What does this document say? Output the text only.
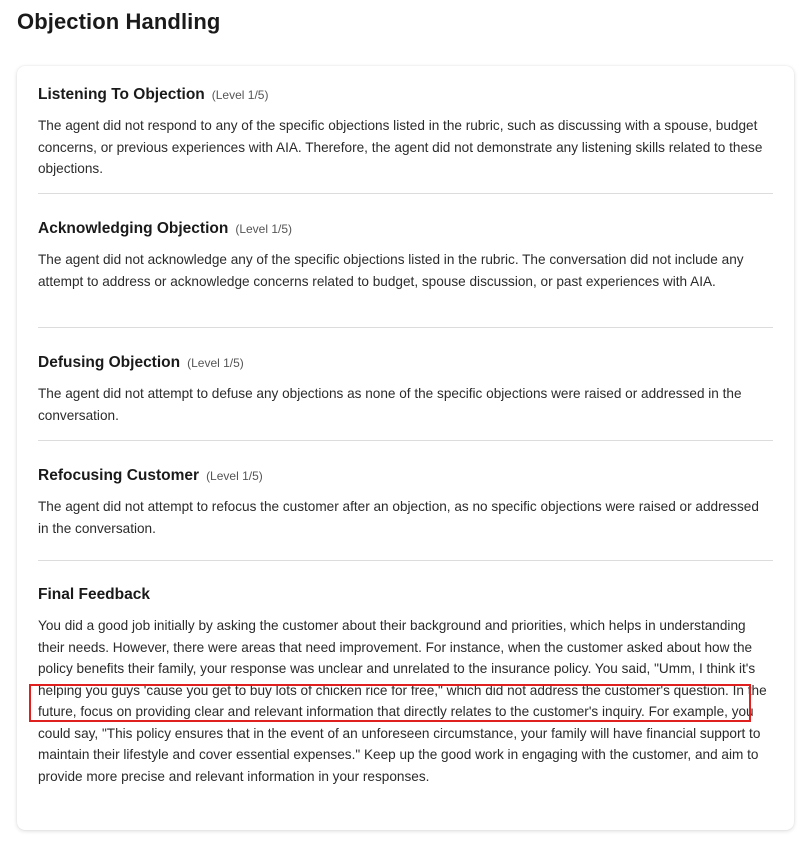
Objection Handling
Listening To Objection (Level 1/5)
The agent did not respond to any of the specific objections listed in the rubric, such as discussing with a spouse, budget concerns, or previous experiences with AIA. Therefore, the agent did not demonstrate any listening skills related to these objections.
Acknowledging Objection (Level 1/5)
The agent did not acknowledge any of the specific objections listed in the rubric. The conversation did not include any attempt to address or acknowledge concerns related to budget, spouse discussion, or past experiences with AIA.
Defusing Objection (Level 1/5)
The agent did not attempt to defuse any objections as none of the specific objections were raised or addressed in the conversation.
Refocusing Customer (Level 1/5)
The agent did not attempt to refocus the customer after an objection, as no specific objections were raised or addressed in the conversation.
Final Feedback
You did a good job initially by asking the customer about their background and priorities, which helps in understanding their needs. However, there were areas that need improvement. For instance, when the customer asked about how the policy benefits their family, your response was unclear and unrelated to the insurance policy. You said, "Umm, I think it's helping you guys 'cause you get to buy lots of chicken rice for free," which did not address the customer's question. In the future, focus on providing clear and relevant information that directly relates to the customer's inquiry. For example, you could say, "This policy ensures that in the event of an unforeseen circumstance, your family will have financial support to maintain their lifestyle and cover essential expenses." Keep up the good work in engaging with the customer, and aim to provide more precise and relevant information in your responses.
